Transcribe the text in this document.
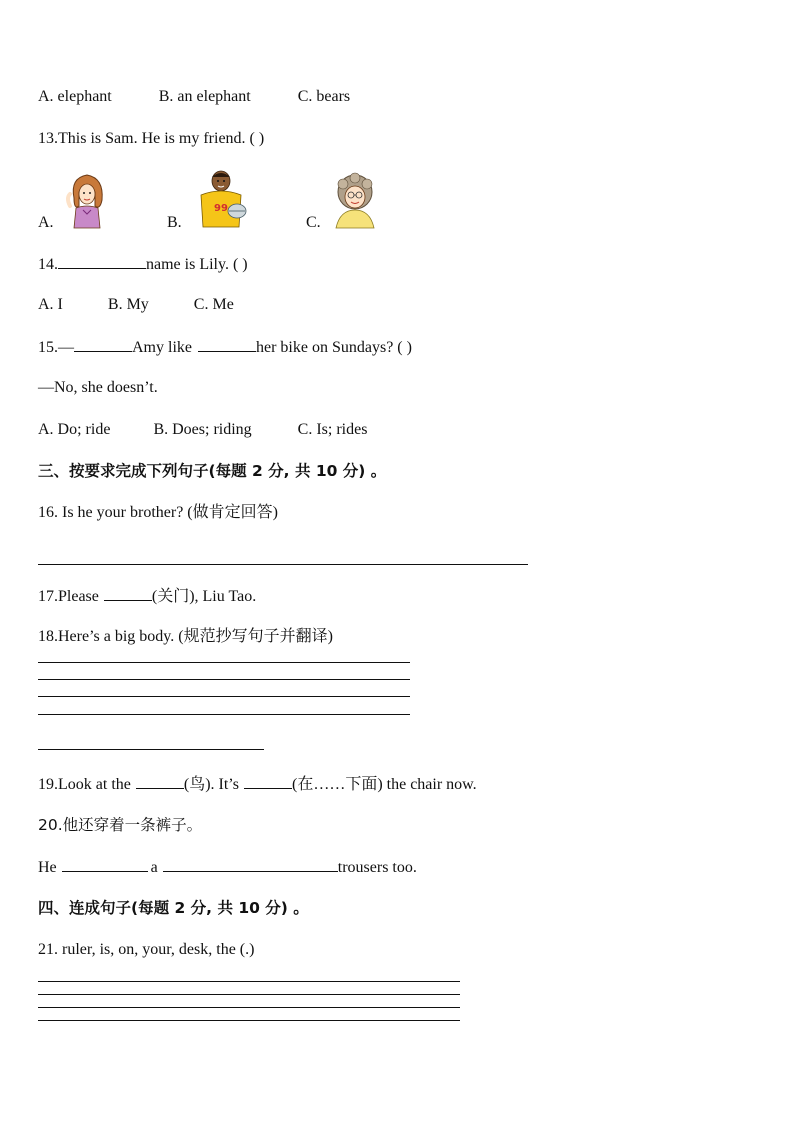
A. elephant	B. an elephant	C. bears
13.This is Sam. He is my friend. ( )
A.	B.
99
C.
14.	name is Lily. ( )
A. I	B. My	C. Me
15.—	Amy like	her bike on Sundays? ( )
—No, she doesn’t.
A. Do; ride	B. Does; riding	C. Is; rides
三、按要求完成下列句子(每题 2 分, 共 10 分) 。
16. Is he your brother? (做肯定回答)
17.Please	(关门), Liu Tao.
18.Here’s a big body. (规范抄写句子并翻译)
19.Look at the	(鸟). It’s	(在……下面) the chair now.
20.他还穿着一条裤子。
He	a	trousers too.
四、连成句子(每题 2 分, 共 10 分) 。
21. ruler, is, on, your, desk, the (.)
